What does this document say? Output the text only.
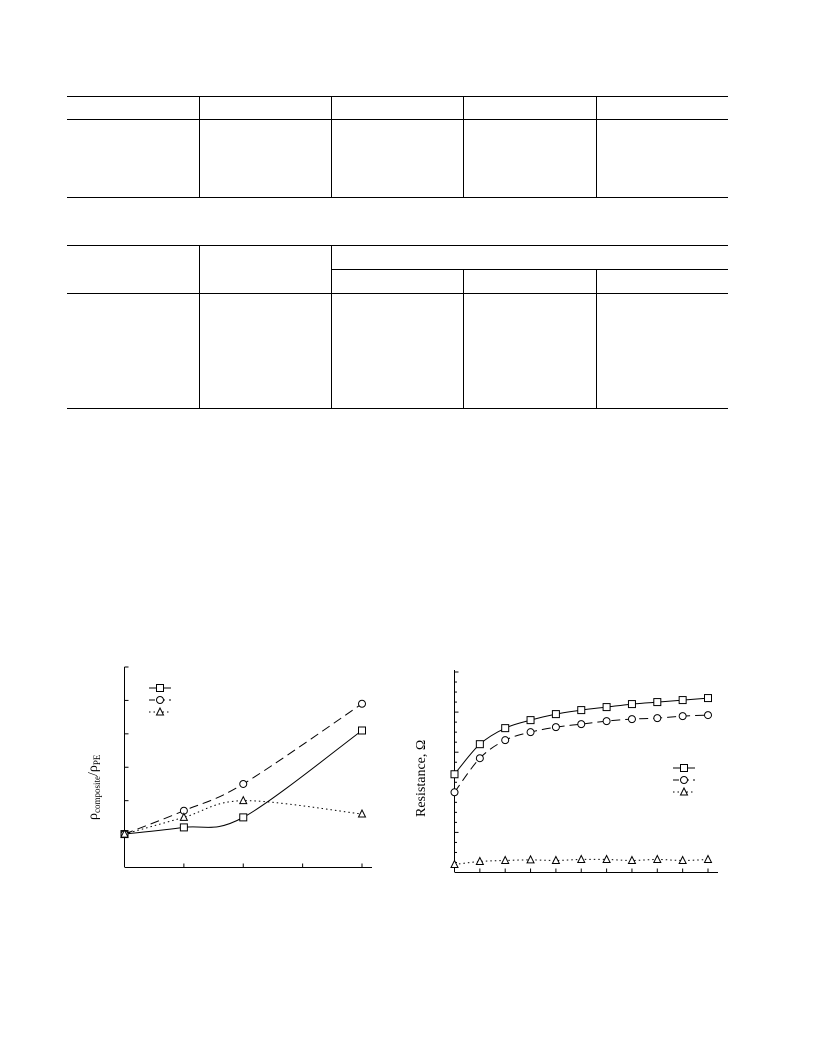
$\rho_{composite}/\rho_{PE}$	Resistance, Ω
